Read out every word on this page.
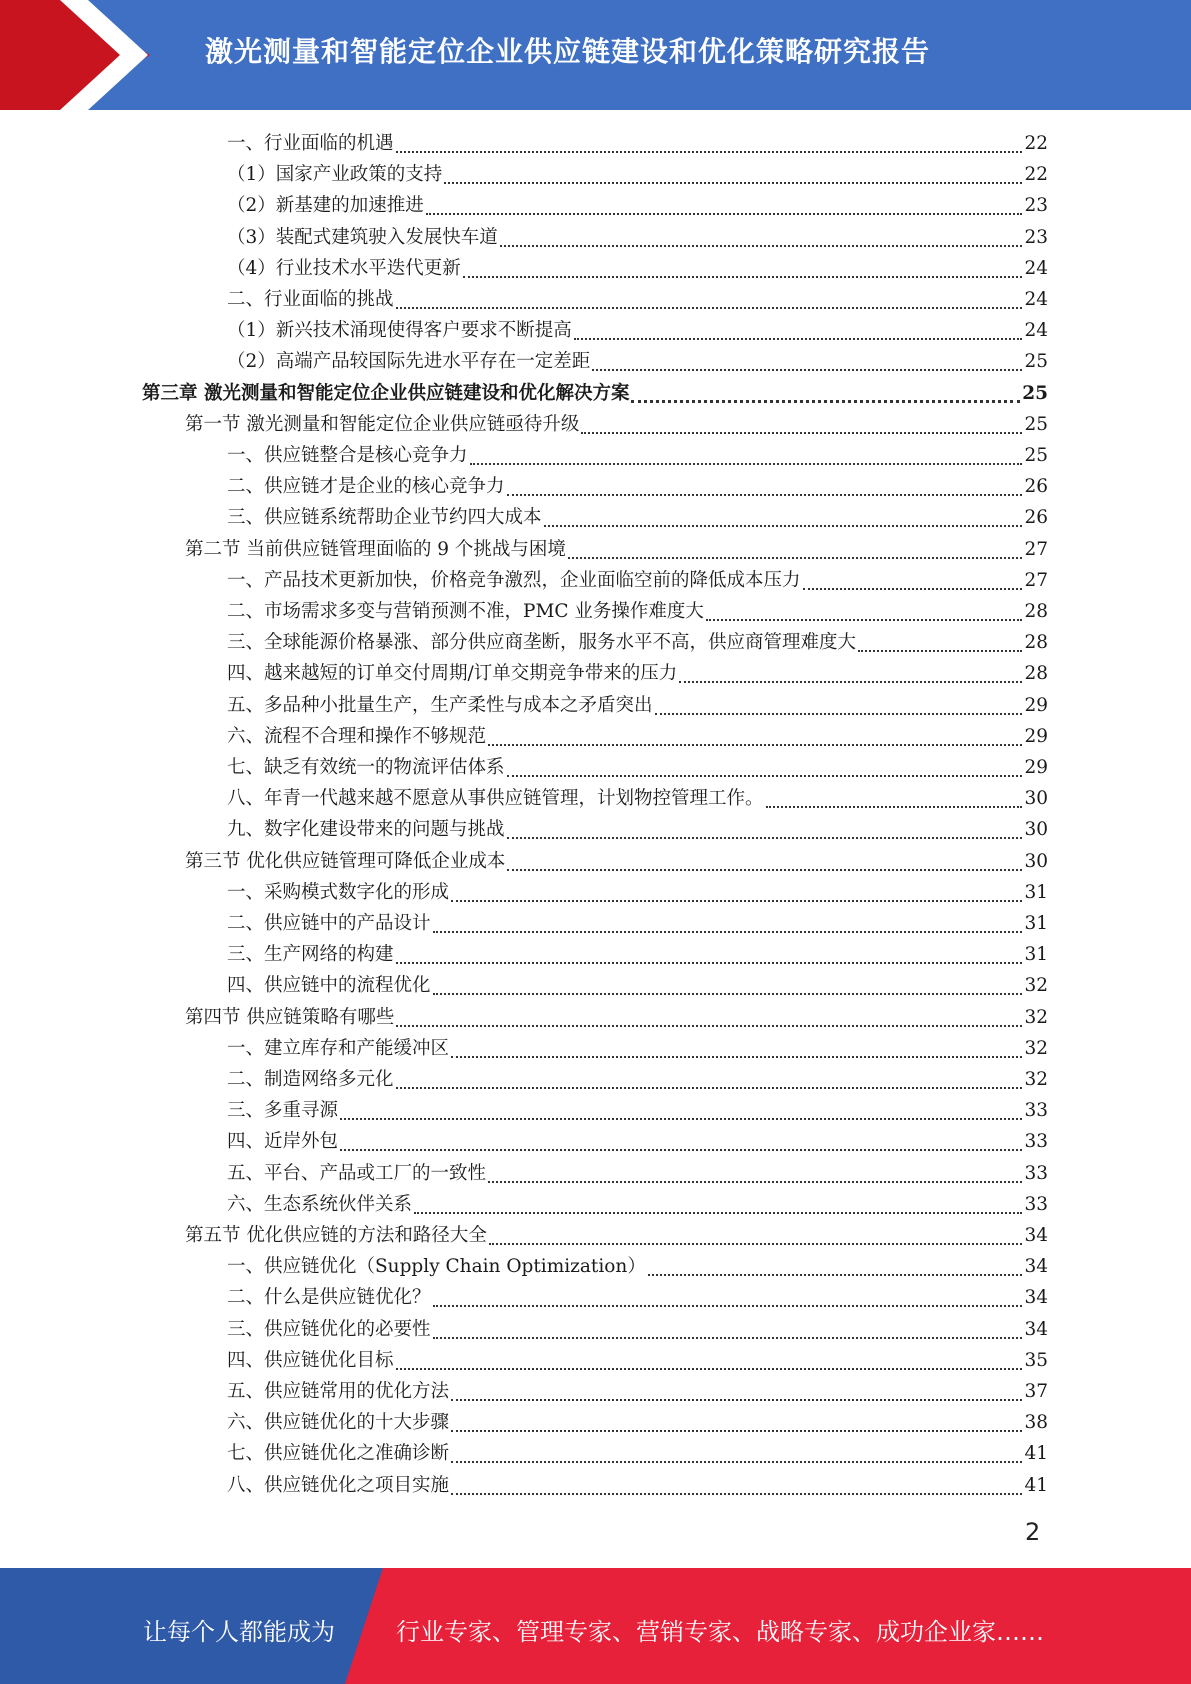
激光测量和智能定位企业供应链建设和优化策略研究报告
一、行业面临的机遇	22
（1）国家产业政策的支持	22
（2）新基建的加速推进	23
（3）装配式建筑驶入发展快车道	23
（4）行业技术水平迭代更新	24
二、行业面临的挑战	24
（1）新兴技术涌现使得客户要求不断提高	24
（2）高端产品较国际先进水平存在一定差距	25
第三章 激光测量和智能定位企业供应链建设和优化解决方案	25
第一节 激光测量和智能定位企业供应链亟待升级	25
一、供应链整合是核心竞争力	25
二、供应链才是企业的核心竞争力	26
三、供应链系统帮助企业节约四大成本	26
第二节 当前供应链管理面临的 9 个挑战与困境	27
一、产品技术更新加快，价格竞争激烈，企业面临空前的降低成本压力	27
二、市场需求多变与营销预测不准，PMC 业务操作难度大	28
三、全球能源价格暴涨、部分供应商垄断，服务水平不高，供应商管理难度大	28
四、越来越短的订单交付周期/订单交期竞争带来的压力	28
五、多品种小批量生产，生产柔性与成本之矛盾突出	29
六、流程不合理和操作不够规范	29
七、缺乏有效统一的物流评估体系	29
八、年青一代越来越不愿意从事供应链管理，计划物控管理工作。	30
九、数字化建设带来的问题与挑战	30
第三节 优化供应链管理可降低企业成本	30
一、采购模式数字化的形成	31
二、供应链中的产品设计	31
三、生产网络的构建	31
四、供应链中的流程优化	32
第四节 供应链策略有哪些	32
一、建立库存和产能缓冲区	32
二、制造网络多元化	32
三、多重寻源	33
四、近岸外包	33
五、平台、产品或工厂的一致性	33
六、生态系统伙伴关系	33
第五节 优化供应链的方法和路径大全	34
一、供应链优化（Supply Chain Optimization）	34
二、什么是供应链优化？	34
三、供应链优化的必要性	34
四、供应链优化目标	35
五、供应链常用的优化方法	37
六、供应链优化的十大步骤	38
七、供应链优化之准确诊断	41
八、供应链优化之项目实施	41
2
让每个人都能成为	行业专家、管理专家、营销专家、战略专家、成功企业家……
